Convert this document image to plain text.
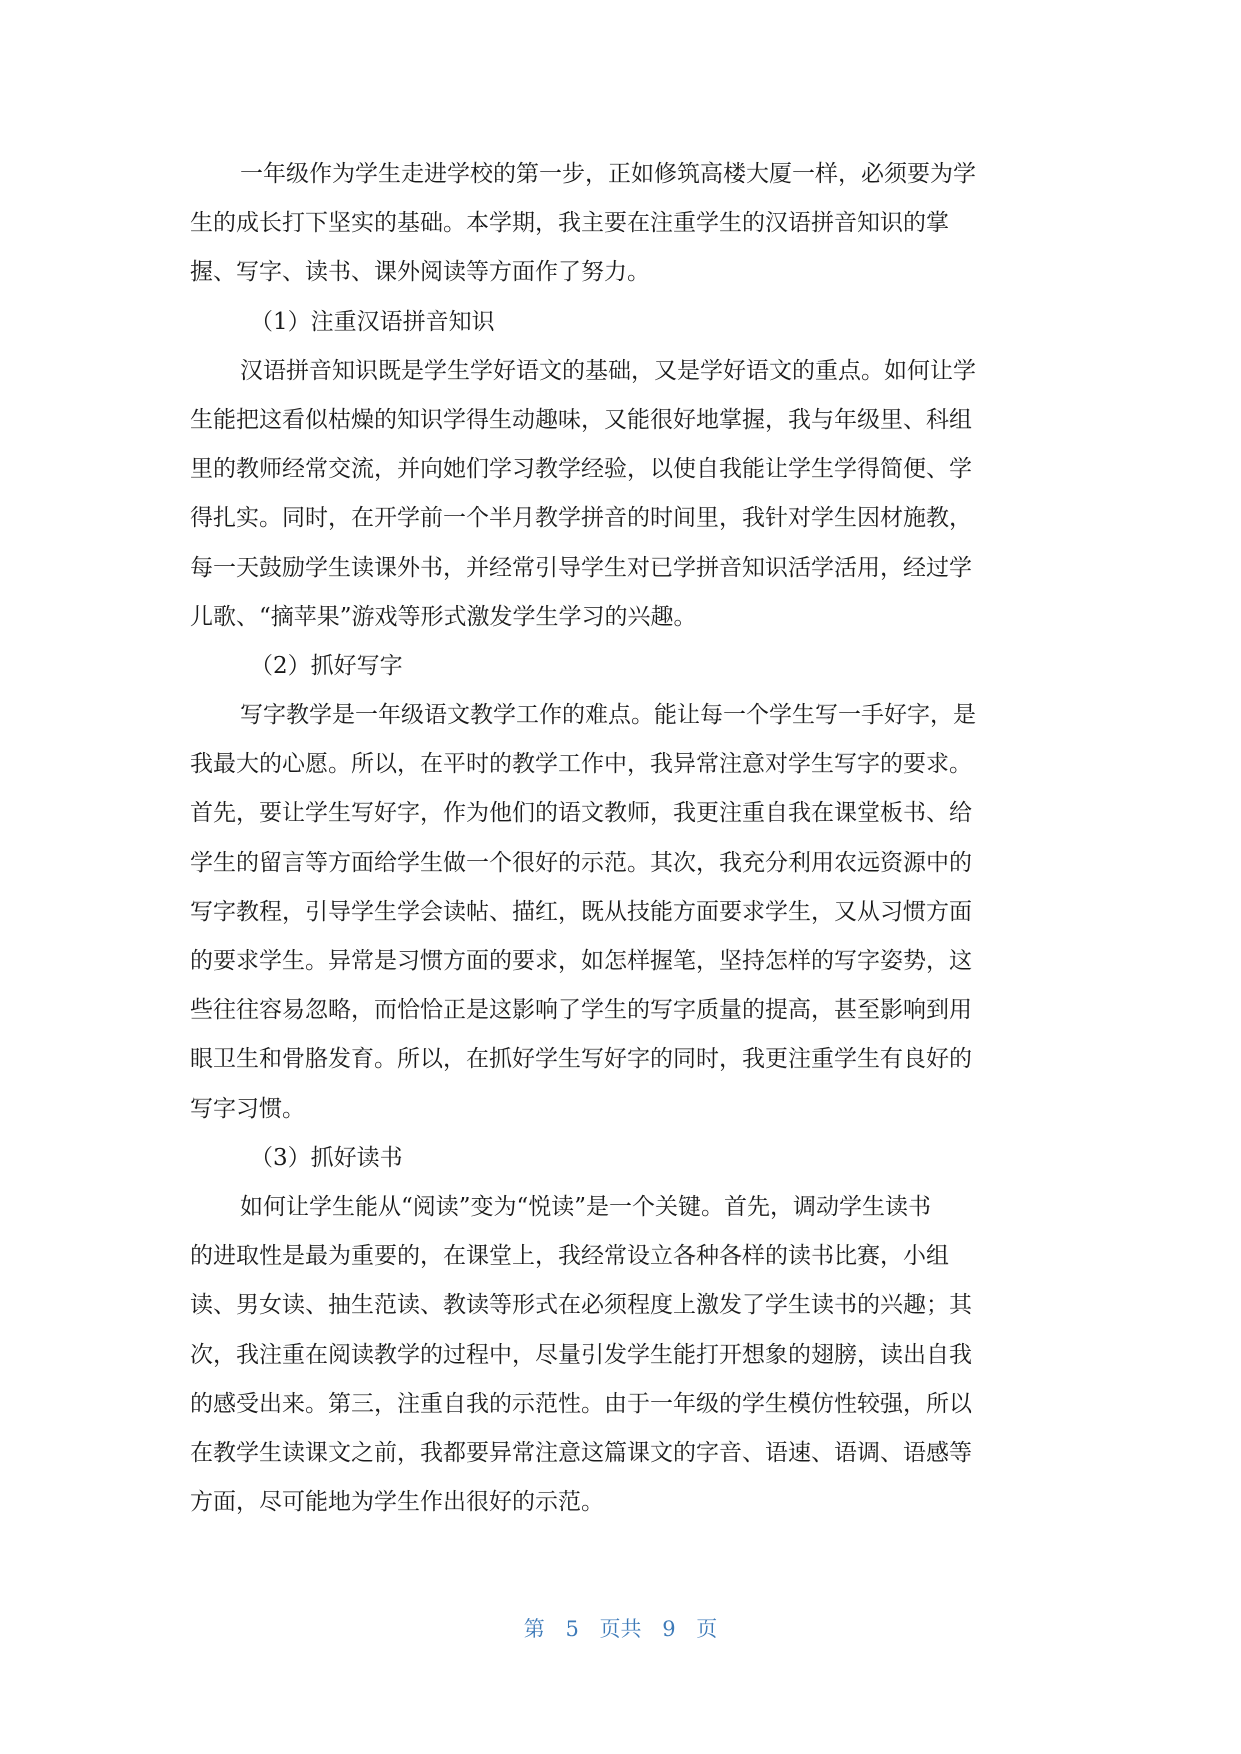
一年级作为学生走进学校的第一步，正如修筑高楼大厦一样，必须要为学
生的成长打下坚实的基础。本学期，我主要在注重学生的汉语拼音知识的掌
握、写字、读书、课外阅读等方面作了努力。
（1）注重汉语拼音知识
汉语拼音知识既是学生学好语文的基础，又是学好语文的重点。如何让学
生能把这看似枯燥的知识学得生动趣味，又能很好地掌握，我与年级里、科组
里的教师经常交流，并向她们学习教学经验，以使自我能让学生学得简便、学
得扎实。同时，在开学前一个半月教学拼音的时间里，我针对学生因材施教，
每一天鼓励学生读课外书，并经常引导学生对已学拼音知识活学活用，经过学
儿歌、“摘苹果”游戏等形式激发学生学习的兴趣。
（2）抓好写字
写字教学是一年级语文教学工作的难点。能让每一个学生写一手好字，是
我最大的心愿。所以，在平时的教学工作中，我异常注意对学生写字的要求。
首先，要让学生写好字，作为他们的语文教师，我更注重自我在课堂板书、给
学生的留言等方面给学生做一个很好的示范。其次，我充分利用农远资源中的
写字教程，引导学生学会读帖、描红，既从技能方面要求学生，又从习惯方面
的要求学生。异常是习惯方面的要求，如怎样握笔，坚持怎样的写字姿势，这
些往往容易忽略，而恰恰正是这影响了学生的写字质量的提高，甚至影响到用
眼卫生和骨胳发育。所以，在抓好学生写好字的同时，我更注重学生有良好的
写字习惯。
（3）抓好读书
如何让学生能从“阅读”变为“悦读”是一个关键。首先，调动学生读书
的进取性是最为重要的，在课堂上，我经常设立各种各样的读书比赛，小组
读、男女读、抽生范读、教读等形式在必须程度上激发了学生读书的兴趣；其
次，我注重在阅读教学的过程中，尽量引发学生能打开想象的翅膀，读出自我
的感受出来。第三，注重自我的示范性。由于一年级的学生模仿性较强，所以
在教学生读课文之前，我都要异常注意这篇课文的字音、语速、语调、语感等
方面，尽可能地为学生作出很好的示范。
第 5 页共 9 页
